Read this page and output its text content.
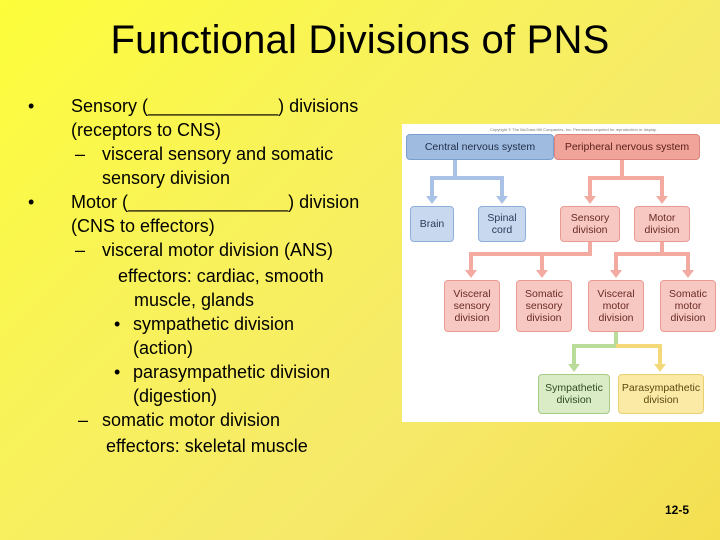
Functional Divisions of PNS
• Sensory (_____________) divisions
(receptors to CNS)
– visceral sensory and somatic
sensory division
• Motor (________________) division
(CNS to effectors)
– visceral motor division (ANS)
effectors: cardiac, smooth
muscle, glands
• sympathetic division
(action)
• parasympathetic division
(digestion)
– somatic motor division
effectors: skeletal muscle
Copyright © The McGraw-Hill Companies, Inc. Permission required for reproduction or display.
Central nervous system	Peripheral nervous system
Brain	Spinal cord
Sensory division
Motor division
Visceral sensory division
Somatic sensory division
Visceral motor division
Somatic motor division
Sympathetic division
Parasympathetic division
12-5
